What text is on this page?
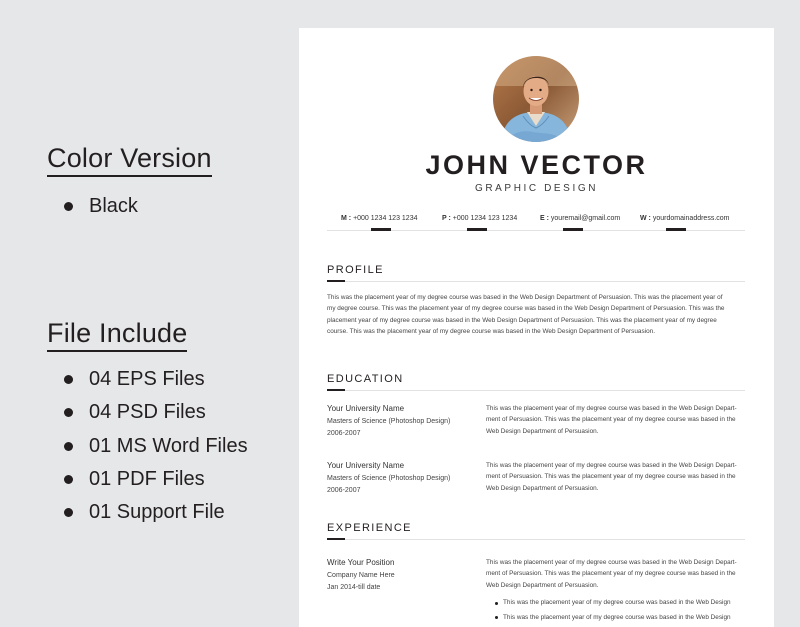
Color Version
Black
File Include
04 EPS Files
04 PSD Files
01 MS Word Files
01 PDF Files
01 Support File
JOHN VECTOR
GRAPHIC DESIGN
M : +000 1234 123 1234	P : +000 1234 123 1234	E : youremail@gmail.com	W : yourdomainaddress.com
PROFILE
This was the placement year of my degree course was based in the Web Design Department of Persuasion. This was the placement year of
my degree course. This was the placement year of my degree course was based in the Web Design Department of Persuasion. This was the
placement year of my degree course was based in the Web Design Department of Persuasion. This was the placement year of my degree
course. This was the placement year of my degree course was based in the Web Design Department of Persuasion.
EDUCATION
Your University Name
Masters of Science (Photoshop Design)
2006-2007
This was the placement year of my degree course was based in the Web Design Depart-
ment of Persuasion. This was the placement year of my degree course was based in the
Web Design Department of Persuasion.
Your University Name
Masters of Science (Photoshop Design)
2006-2007
This was the placement year of my degree course was based in the Web Design Depart-
ment of Persuasion. This was the placement year of my degree course was based in the
Web Design Department of Persuasion.
EXPERIENCE
Write Your Position
Company Name Here
Jan 2014-till date
This was the placement year of my degree course was based in the Web Design Depart-
ment of Persuasion. This was the placement year of my degree course was based in the
Web Design Department of Persuasion.
This was the placement year of my degree course was based in the Web Design
This was the placement year of my degree course was based in the Web Design
